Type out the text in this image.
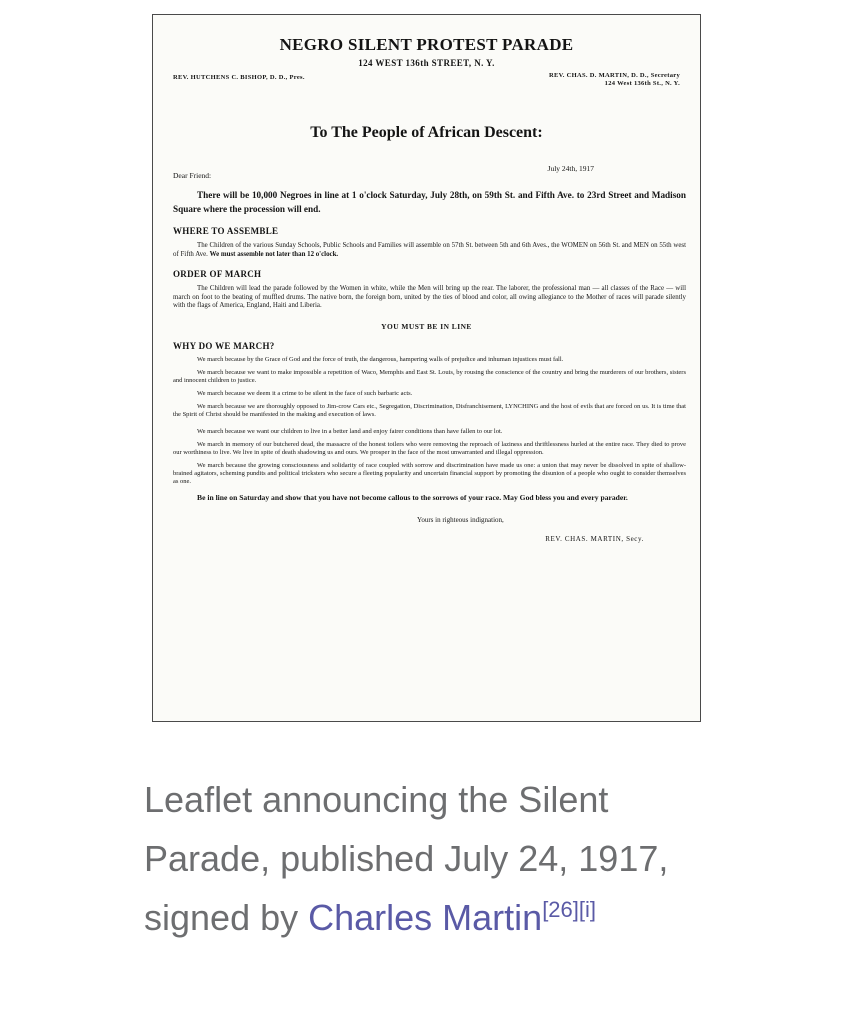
NEGRO SILENT PROTEST PARADE
124 WEST 136th STREET, N. Y.
REV. HUTCHENS C. BISHOP, D. D., Pres.	REV. CHAS. D. MARTIN, D. D., Secretary
124 West 136th St., N. Y.
To The People of African Descent:
July 24th, 1917
Dear Friend:
There will be 10,000 Negroes in line at 1 o'clock Saturday, July 28th, on 59th St. and Fifth Ave. to 23rd Street and Madison Square where the procession will end.
WHERE TO ASSEMBLE
The Children of the various Sunday Schools, Public Schools and Families will assemble on 57th St. between 5th and 6th Aves., the WOMEN on 56th St. and MEN on 55th west of Fifth Ave. We must assemble not later than 12 o'clock.
ORDER OF MARCH
The Children will lead the parade followed by the Women in white, while the Men will bring up the rear. The laborer, the professional man — all classes of the Race — will march on foot to the beating of muffled drums. The native born, the foreign born, united by the ties of blood and color, all owing allegiance to the Mother of races will parade silently with the flags of America, England, Haiti and Liberia.
YOU MUST BE IN LINE
WHY DO WE MARCH?
We march because by the Grace of God and the force of truth, the dangerous, hampering walls of prejudice and inhuman injustices must fall.
We march because we want to make impossible a repetition of Waco, Memphis and East St. Louis, by rousing the conscience of the country and bring the murderers of our brothers, sisters and innocent children to justice.
We march because we deem it a crime to be silent in the face of such barbaric acts.
We march because we are thoroughly opposed to Jim-crow Cars etc., Segregation, Discrimination, Disfranchisement, LYNCHING and the host of evils that are forced on us. It is time that the Spirit of Christ should be manifested in the making and execution of laws.
We march because we want our children to live in a better land and enjoy fairer conditions than have fallen to our lot.
We march in memory of our butchered dead, the massacre of the honest toilers who were removing the reproach of laziness and thriftlessness hurled at the entire race. They died to prove our worthiness to live. We live in spite of death shadowing us and ours. We prosper in the face of the most unwarranted and illegal oppression.
We march because the growing consciousness and solidarity of race coupled with sorrow and discrimination have made us one: a union that may never be dissolved in spite of shallow-brained agitators, scheming pundits and political tricksters who secure a fleeting popularity and uncertain financial support by promoting the disunion of a people who ought to consider themselves as one.
Be in line on Saturday and show that you have not become callous to the sorrows of your race. May God bless you and every parader.
Yours in righteous indignation,
REV. CHAS. MARTIN, Secy.
Leaflet announcing the Silent Parade, published July 24, 1917, signed by Charles Martin[26][i]
